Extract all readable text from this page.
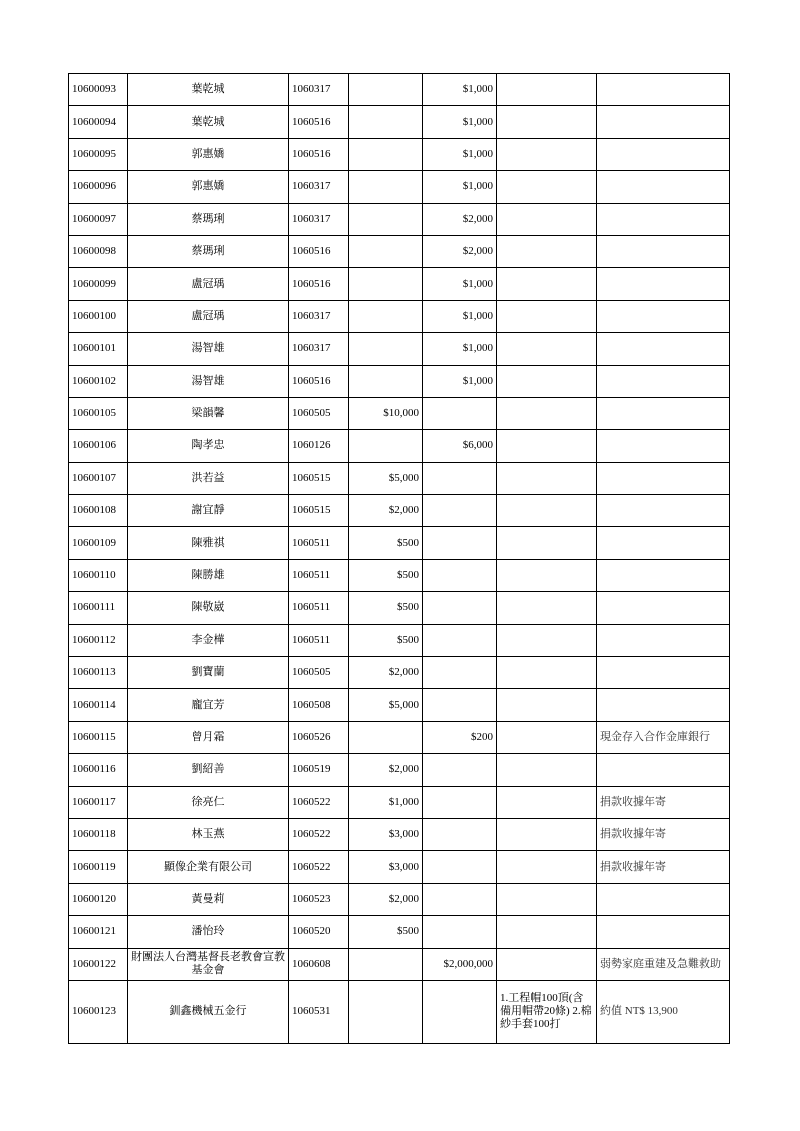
10600093	葉乾城	1060317		$1,000		
10600094	葉乾城	1060516		$1,000		
10600095	郭惠嬌	1060516		$1,000		
10600096	郭惠嬌	1060317		$1,000		
10600097	蔡瑪琍	1060317		$2,000		
10600098	蔡瑪琍	1060516		$2,000		
10600099	盧冠瑀	1060516		$1,000		
10600100	盧冠瑀	1060317		$1,000		
10600101	湯智雄	1060317		$1,000		
10600102	湯智雄	1060516		$1,000		
10600105	梁韻馨	1060505	$10,000			
10600106	陶孝忠	1060126		$6,000		
10600107	洪若益	1060515	$5,000			
10600108	謝宜靜	1060515	$2,000			
10600109	陳雅祺	1060511	$500			
10600110	陳勝雄	1060511	$500			
10600111	陳敬崴	1060511	$500			
10600112	李金樺	1060511	$500			
10600113	劉寶蘭	1060505	$2,000			
10600114	龐宜芳	1060508	$5,000			
10600115	曾月霜	1060526		$200		現金存入合作金庫銀行
10600116	劉紹善	1060519	$2,000			
10600117	徐亮仁	1060522	$1,000			捐款收據年寄
10600118	林玉燕	1060522	$3,000			捐款收據年寄
10600119	顯像企業有限公司	1060522	$3,000			捐款收據年寄
10600120	黃曼莉	1060523	$2,000			
10600121	潘怡玲	1060520	$500			
10600122	財團法人台灣基督長老教會宣教基金會	1060608		$2,000,000		弱勢家庭重建及急難救助
10600123	釧鑫機械五金行	1060531			1.工程帽100頂(含備用帽帶20條) 2.棉紗手套100打	約值 NT$ 13,900
